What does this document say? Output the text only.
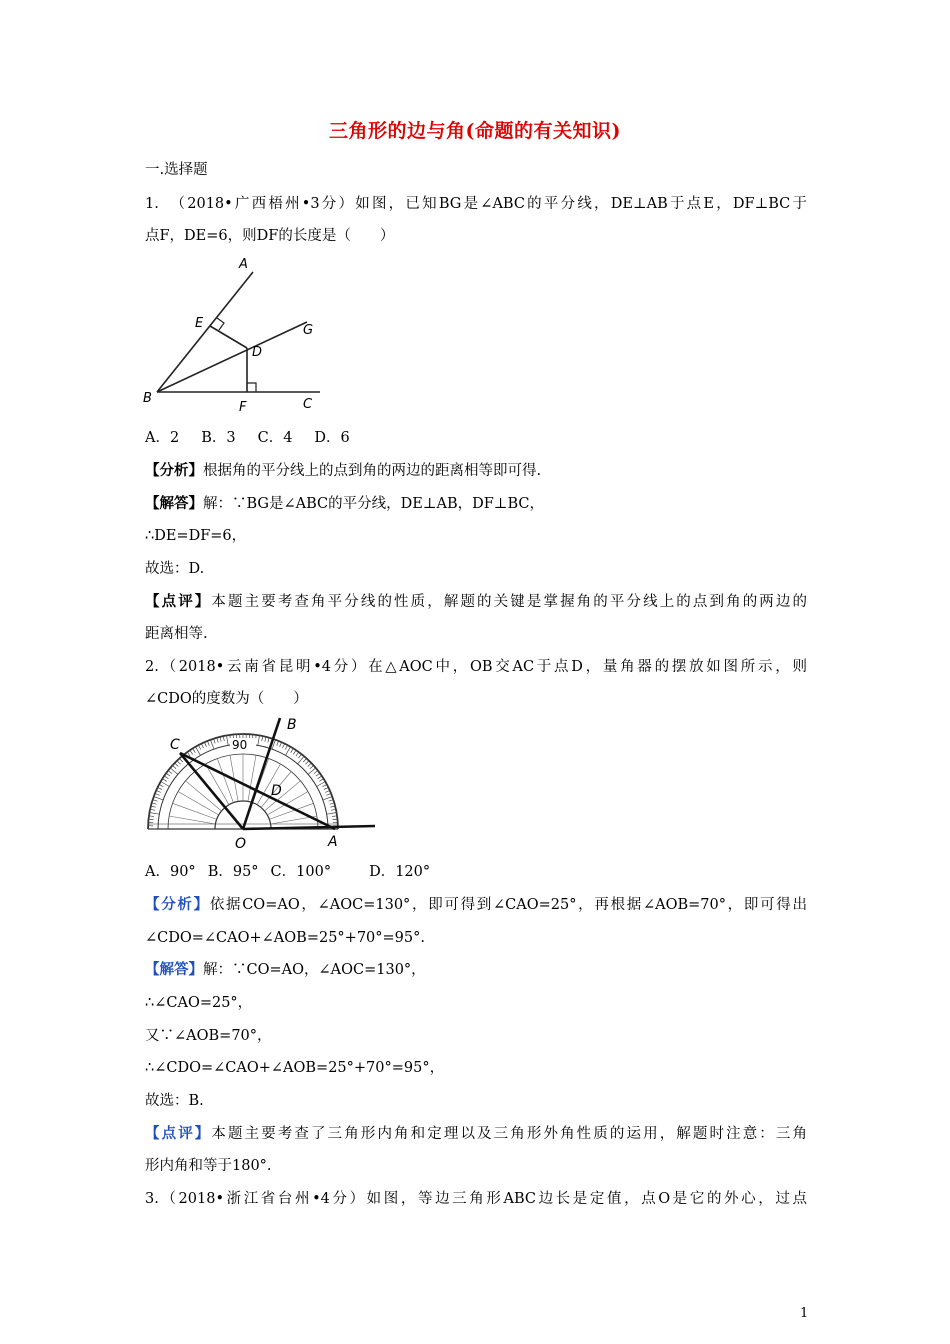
三角形的边与角(命题的有关知识)
一.选择题
1.　（2018•广西梧州•3分）如图，已知BG是∠ABC的平分线，DE⊥AB于点E，DF⊥BC于
点F，DE=6，则DF的长度是（　　）
A
E	G
D
B
F	C
A．2 B．3 C．4 D．6
【分析】根据角的平分线上的点到角的两边的距离相等即可得.
【解答】解：∵BG是∠ABC的平分线，DE⊥AB，DF⊥BC，
∴DE=DF=6，
故选：D.
【点评】本题主要考查角平分线的性质，解题的关键是掌握角的平分线上的点到角的两边的
距离相等.
2.（2018•云南省昆明•4分）在△AOC中，OB交AC于点D，量角器的摆放如图所示，则
∠CDO的度数为（　　）
90
C
B
D
O	A
A．90° B．95° C．100°	D．120°
【分析】依据CO=AO，∠AOC=130°，即可得到∠CAO=25°，再根据∠AOB=70°，即可得出
∠CDO=∠CAO+∠AOB=25°+70°=95°.
【解答】解：∵CO=AO，∠AOC=130°，
∴∠CAO=25°，
又∵∠AOB=70°，
∴∠CDO=∠CAO+∠AOB=25°+70°=95°，
故选：B.
【点评】本题主要考查了三角形内角和定理以及三角形外角性质的运用，解题时注意：三角
形内角和等于180°.
3.（2018•浙江省台州•4分）如图，等边三角形ABC边长是定值，点O是它的外心，过点
1
